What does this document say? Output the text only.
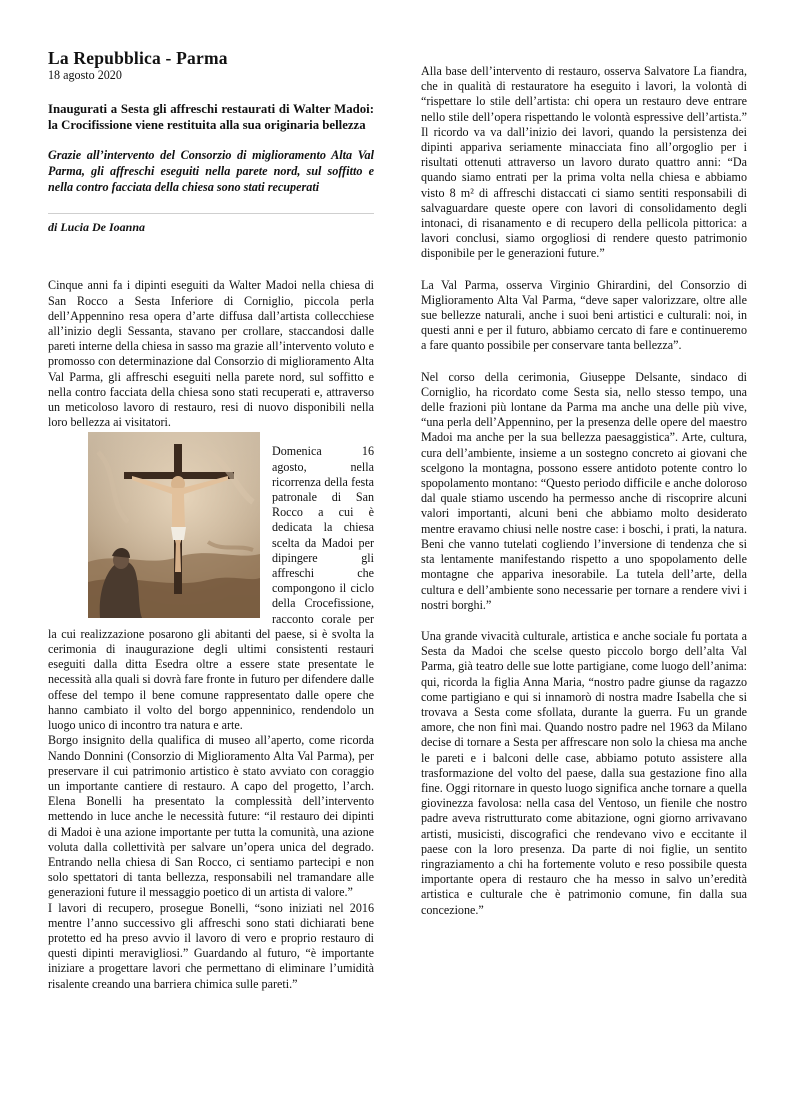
La Repubblica - Parma
18 agosto 2020
Inaugurati a Sesta gli affreschi restaurati di Walter Madoi: la Crocifissione viene restituita alla sua originaria bellezza
Grazie all’intervento del Consorzio di miglioramento Alta Val Parma, gli affreschi eseguiti nella parete nord, sul soffitto e nella contro facciata della chiesa sono stati recuperati
di Lucia De Ioanna

Cinque anni fa i dipinti eseguiti da Walter Madoi nella chiesa di San Rocco a Sesta Inferiore di Corniglio, piccola perla dell’Appennino resa opera d’arte diffusa dall’artista collecchiese all’inizio degli Sessanta, stavano per crollare, staccandosi dalle pareti interne della chiesa in sasso ma grazie all’intervento voluto e promosso con determinazione dal Consorzio di miglioramento Alta Val Parma, gli affreschi eseguiti nella parete nord, sul soffitto e nella contro facciata della chiesa sono stati recuperati e, attraverso un meticoloso lavoro di restauro, resi di nuovo disponibili nella loro bellezza ai visitatori.

Domenica 16 agosto, nella ricorrenza della festa patronale di San Rocco a cui è dedicata la chiesa scelta da Madoi per dipingere gli affreschi che compongono il ciclo della Crocefissione, racconto corale per la cui realizzazione posarono gli abitanti del paese, si è svolta la cerimonia di inaugurazione degli ultimi consistenti restauri eseguiti dalla ditta Esedra oltre a essere state presentate le necessità alla quali si dovrà fare fronte in futuro per difendere dalle offese del tempo il bene comune rappresentato dalle opere che hanno cambiato il volto del borgo appenninico, rendendolo un luogo unico di incontro tra natura e arte.

Borgo insignito della qualifica di museo all’aperto, come ricorda Nando Donnini (Consorzio di Miglioramento Alta Val Parma), per preservare il cui patrimonio artistico è stato avviato con coraggio un importante cantiere di restauro. A capo del progetto, l’arch. Elena Bonelli ha presentato la complessità dell’intervento mettendo in luce anche le necessità future: “il restauro dei dipinti di Madoi è una azione importante per tutta la comunità, una azione voluta dalla collettività per salvare un’opera unica del degrado. Entrando nella chiesa di San Rocco, ci sentiamo partecipi e non solo spettatori di tanta bellezza, responsabili nel tramandare alle generazioni future il messaggio poetico di un artista di valore.”

I lavori di recupero, prosegue Bonelli, “sono iniziati nel 2016 mentre l’anno successivo gli affreschi sono stati dichiarati bene protetto ed ha preso avvio il lavoro di vero e proprio restauro di questi dipinti meravigliosi.” Guardando al futuro, “è importante iniziare a progettare lavori che permettano di eliminare l’umidità risalente creando una barriera chimica sulle pareti.”

Alla base dell’intervento di restauro, osserva Salvatore La fiandra, che in qualità di restauratore ha eseguito i lavori, la volontà di “rispettare lo stile dell’artista: chi opera un restauro deve entrare nello stile dell’opera rispettando le volontà espressive dell’artista.” Il ricordo va va dall’inizio dei lavori, quando la persistenza dei dipinti appariva seriamente minacciata fino all’orgoglio per i risultati ottenuti attraverso un lavoro durato quattro anni: “Da quando siamo entrati per la prima volta nella chiesa e abbiamo visto 8 m² di affreschi distaccati ci siamo sentiti responsabili di salvaguardare queste opere con lavori di consolidamento degli intonaci, di risanamento e di recupero della pellicola pittorica: a lavori conclusi, siamo orgogliosi di rendere questo patrimonio disponibile per le generazioni future.”

La Val Parma, osserva Virginio Ghirardini, del Consorzio di Miglioramento Alta Val Parma, “deve saper valorizzare, oltre alle sue bellezze naturali, anche i suoi beni artistici e culturali: noi, in questi anni e per il futuro, abbiamo cercato di fare e continueremo a fare quanto possibile per conservare tanta bellezza”.

Nel corso della cerimonia, Giuseppe Delsante, sindaco di Corniglio, ha ricordato come Sesta sia, nello stesso tempo, una delle frazioni più lontane da Parma ma anche una delle più vive, “una perla dell’Appennino, per la presenza delle opere del maestro Madoi ma anche per la sua bellezza paesaggistica”. Arte, cultura, cura dell’ambiente, insieme a un sostegno concreto ai giovani che scelgono la montagna, possono essere antidoto potente contro lo spopolamento montano: “Questo periodo difficile e anche doloroso dal quale stiamo uscendo ha permesso anche di riscoprire alcuni valori importanti, alcuni beni che abbiamo molto desiderato mentre eravamo chiusi nelle nostre case: i boschi, i prati, la natura. Beni che vanno tutelati cogliendo l’inversione di tendenza che si sta lentamente manifestando rispetto a uno spopolamento delle montagne che appariva inesorabile. La tutela dell’arte, della cultura e dell’ambiente sono necessarie per tornare a rendere vivi i nostri borghi.”

Una grande vivacità culturale, artistica e anche sociale fu portata a Sesta da Madoi che scelse questo piccolo borgo dell’alta Val Parma, già teatro delle sue lotte partigiane, come luogo dell’anima: qui, ricorda la figlia Anna Maria, “nostro padre giunse da ragazzo come partigiano e qui si innamorò di nostra madre Isabella che si trovava a Sesta come sfollata, durante la guerra. Fu un grande amore, che non finì mai. Quando nostro padre nel 1963 da Milano decise di tornare a Sesta per affrescare non solo la chiesa ma anche le pareti e i balconi delle case, abbiamo potuto assistere alla trasformazione del volto del paese, dalla sua gestazione fino alla fine. Oggi ritornare in questo luogo significa anche tornare a quella giovinezza favolosa: nella casa del Ventoso, un fienile che nostro padre aveva ristrutturato come abitazione, ogni giorno arrivavano artisti, musicisti, discografici che rendevano vivo e eccitante il paese con la loro presenza. Da parte di noi figlie, un sentito ringraziamento a chi ha fortemente voluto e reso possibile questa importante opera di restauro che ha messo in salvo un’eredità artistica e culturale che è patrimonio comune, fin dalla sua concezione.”
